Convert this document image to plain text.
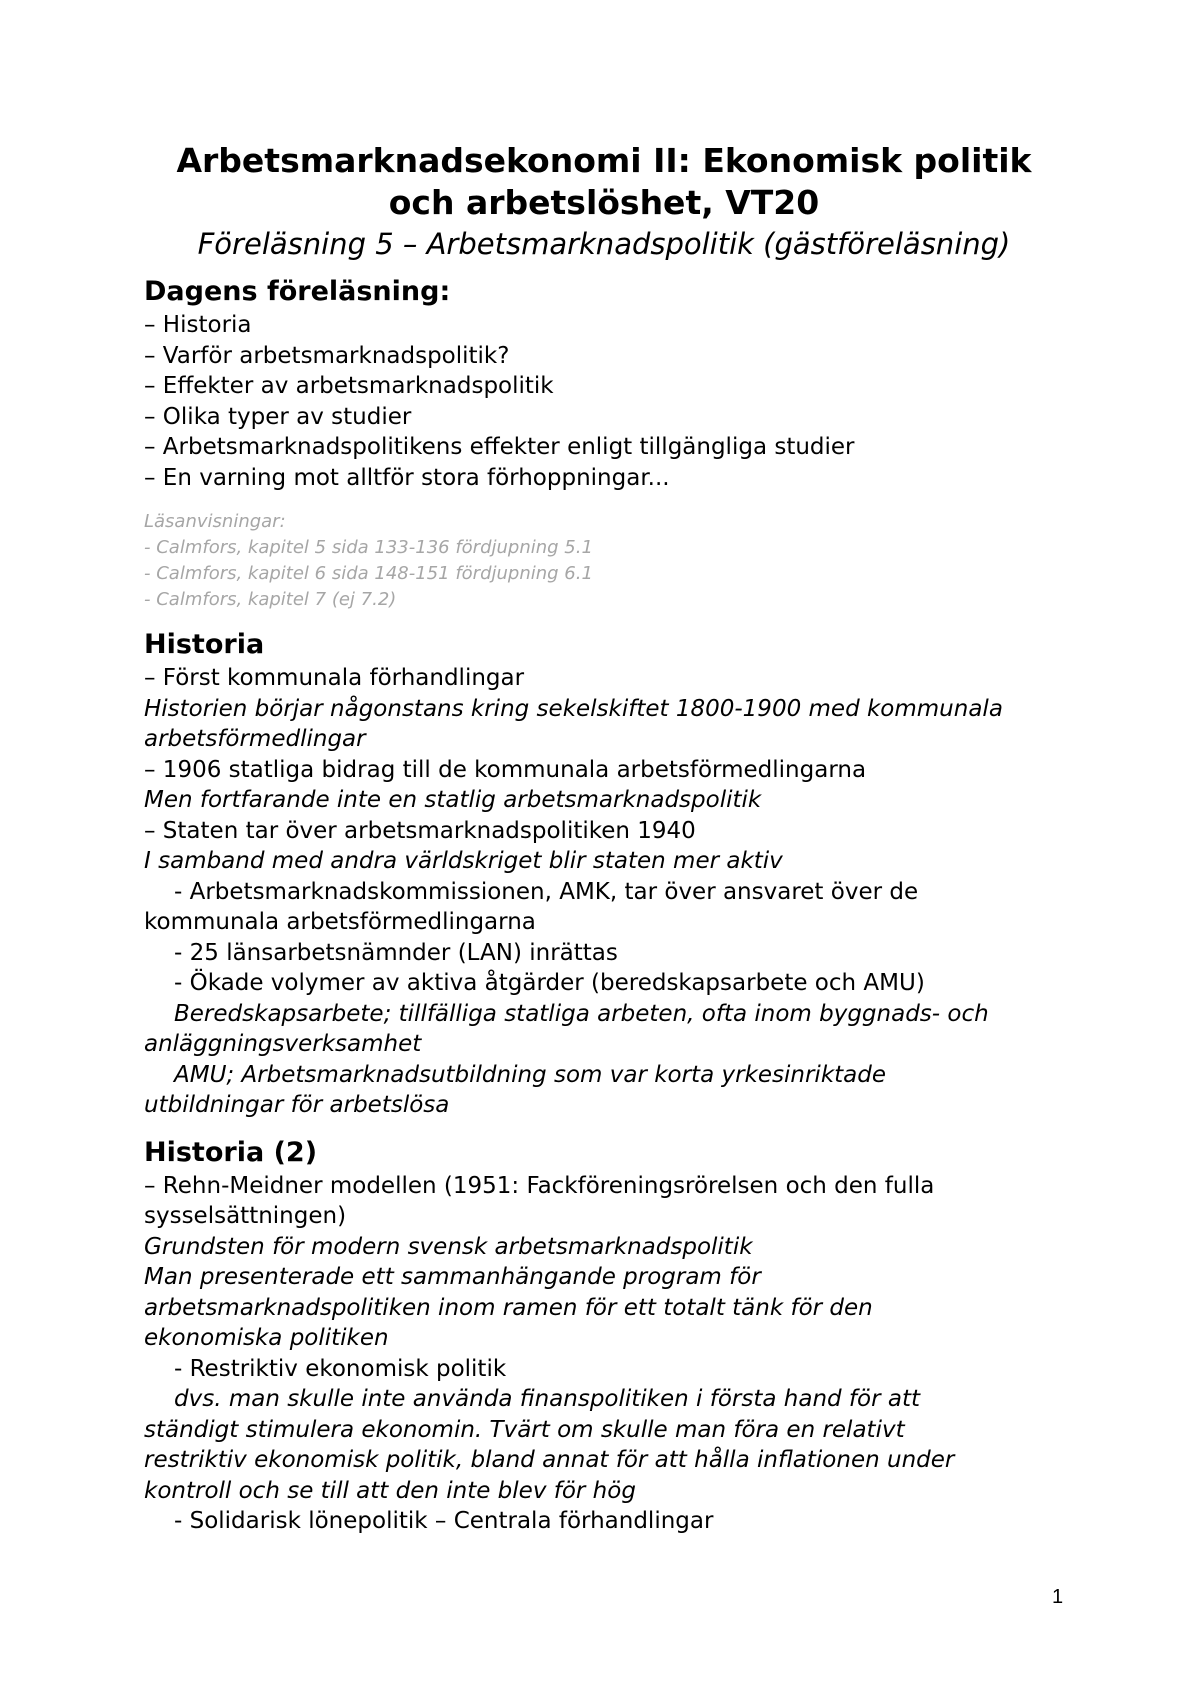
Arbetsmarknadsekonomi II: Ekonomisk politik och arbetslöshet, VT20

Föreläsning 5 – Arbetsmarknadspolitik (gästföreläsning)

Dagens föreläsning:

– Historia

– Varför arbetsmarknadspolitik?

– Effekter av arbetsmarknadspolitik

– Olika typer av studier

– Arbetsmarknadspolitikens effekter enligt tillgängliga studier

– En varning mot alltför stora förhoppningar...

Läsanvisningar:

- Calmfors, kapitel 5 sida 133-136 fördjupning 5.1

- Calmfors, kapitel 6 sida 148-151 fördjupning 6.1

- Calmfors, kapitel 7 (ej 7.2)

Historia

– Först kommunala förhandlingar

Historien börjar någonstans kring sekelskiftet 1800-1900 med kommunala arbetsförmedlingar

– 1906 statliga bidrag till de kommunala arbetsförmedlingarna

Men fortfarande inte en statlig arbetsmarknadspolitik

– Staten tar över arbetsmarknadspolitiken 1940

I samband med andra världskriget blir staten mer aktiv

- Arbetsmarknadskommissionen, AMK, tar över ansvaret över de

kommunala arbetsförmedlingarna

- 25 länsarbetsnämnder (LAN) inrättas

- Ökade volymer av aktiva åtgärder (beredskapsarbete och AMU)

Beredskapsarbete; tillfälliga statliga arbeten, ofta inom byggnads- och

anläggningsverksamhet

AMU; Arbetsmarknadsutbildning som var korta yrkesinriktade

utbildningar för arbetslösa

Historia (2)

– Rehn-Meidner modellen (1951: Fackföreningsrörelsen och den fulla

sysselsättningen)

Grundsten för modern svensk arbetsmarknadspolitik

Man presenterade ett sammanhängande program för

arbetsmarknadspolitiken inom ramen för ett totalt tänk för den

ekonomiska politiken

- Restriktiv ekonomisk politik

dvs. man skulle inte använda finanspolitiken i första hand för att

ständigt stimulera ekonomin. Tvärt om skulle man föra en relativt

restriktiv ekonomisk politik, bland annat för att hålla inflationen under

kontroll och se till att den inte blev för hög

- Solidarisk lönepolitik – Centrala förhandlingar

1
